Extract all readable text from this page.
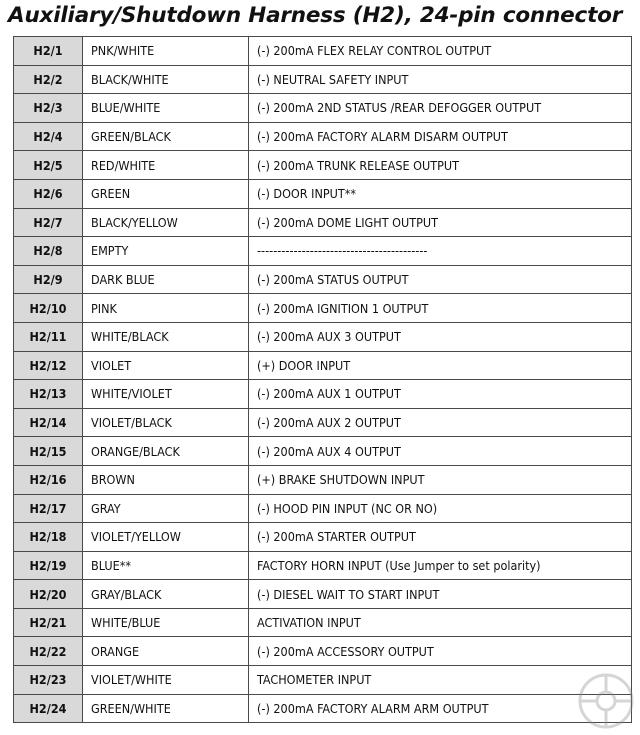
Auxiliary/Shutdown Harness (H2), 24-pin connector
H2/1	PNK/WHITE	(-) 200mA FLEX RELAY CONTROL OUTPUT
H2/2	BLACK/WHITE	(-) NEUTRAL SAFETY INPUT
H2/3	BLUE/WHITE	(-) 200mA 2ND STATUS /REAR DEFOGGER OUTPUT
H2/4	GREEN/BLACK	(-) 200mA FACTORY ALARM DISARM OUTPUT
H2/5	RED/WHITE	(-) 200mA TRUNK RELEASE OUTPUT
H2/6	GREEN	(-) DOOR INPUT**
H2/7	BLACK/YELLOW	(-) 200mA DOME LIGHT OUTPUT
H2/8	EMPTY	------------------------------------------
H2/9	DARK BLUE	(-) 200mA STATUS OUTPUT
H2/10	PINK	(-) 200mA IGNITION 1 OUTPUT
H2/11	WHITE/BLACK	(-) 200mA AUX 3 OUTPUT
H2/12	VIOLET	(+) DOOR INPUT
H2/13	WHITE/VIOLET	(-) 200mA AUX 1 OUTPUT
H2/14	VIOLET/BLACK	(-) 200mA AUX 2 OUTPUT
H2/15	ORANGE/BLACK	(-) 200mA AUX 4 OUTPUT
H2/16	BROWN	(+) BRAKE SHUTDOWN INPUT
H2/17	GRAY	(-) HOOD PIN INPUT (NC OR NO)
H2/18	VIOLET/YELLOW	(-) 200mA STARTER OUTPUT
H2/19	BLUE**	FACTORY HORN INPUT (Use Jumper to set polarity)
H2/20	GRAY/BLACK	(-) DIESEL WAIT TO START INPUT
H2/21	WHITE/BLUE	ACTIVATION INPUT
H2/22	ORANGE	(-) 200mA ACCESSORY OUTPUT
H2/23	VIOLET/WHITE	TACHOMETER INPUT
H2/24	GREEN/WHITE	(-) 200mA FACTORY ALARM ARM OUTPUT
